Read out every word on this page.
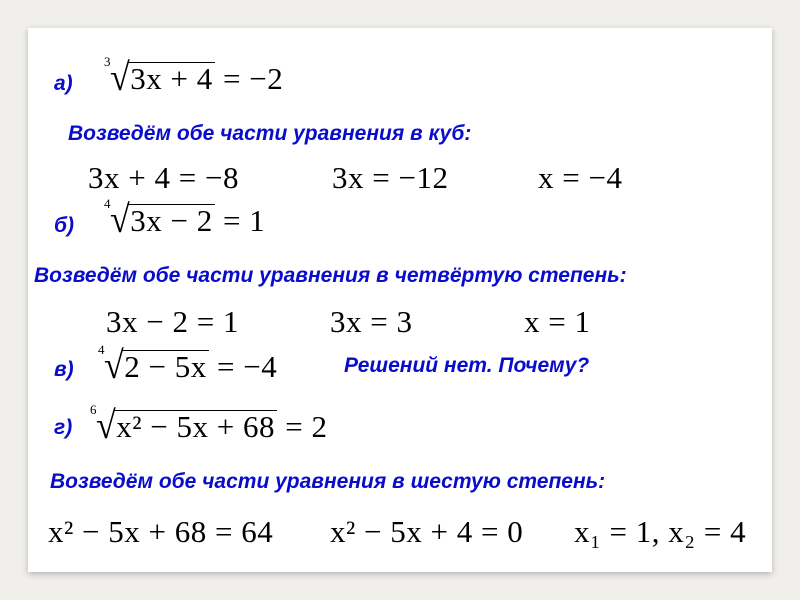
а)
3 √3x + 4 = −2
Возведём обе части уравнения в куб:
3x + 4 = −8	3x = −12	x = −4
б)
4 √3x − 2 = 1
Возведём обе части уравнения в четвёртую степень:
3x − 2 = 1	3x = 3	x = 1
в)
4 √2 − 5x = −4	Решений нет. Почему?
г)
6 √x² − 5x + 68 = 2
Возведём обе части уравнения в шестую степень:
x² − 5x + 68 = 64 x² − 5x + 4 = 0 x₁ = 1, x₂ = 4
